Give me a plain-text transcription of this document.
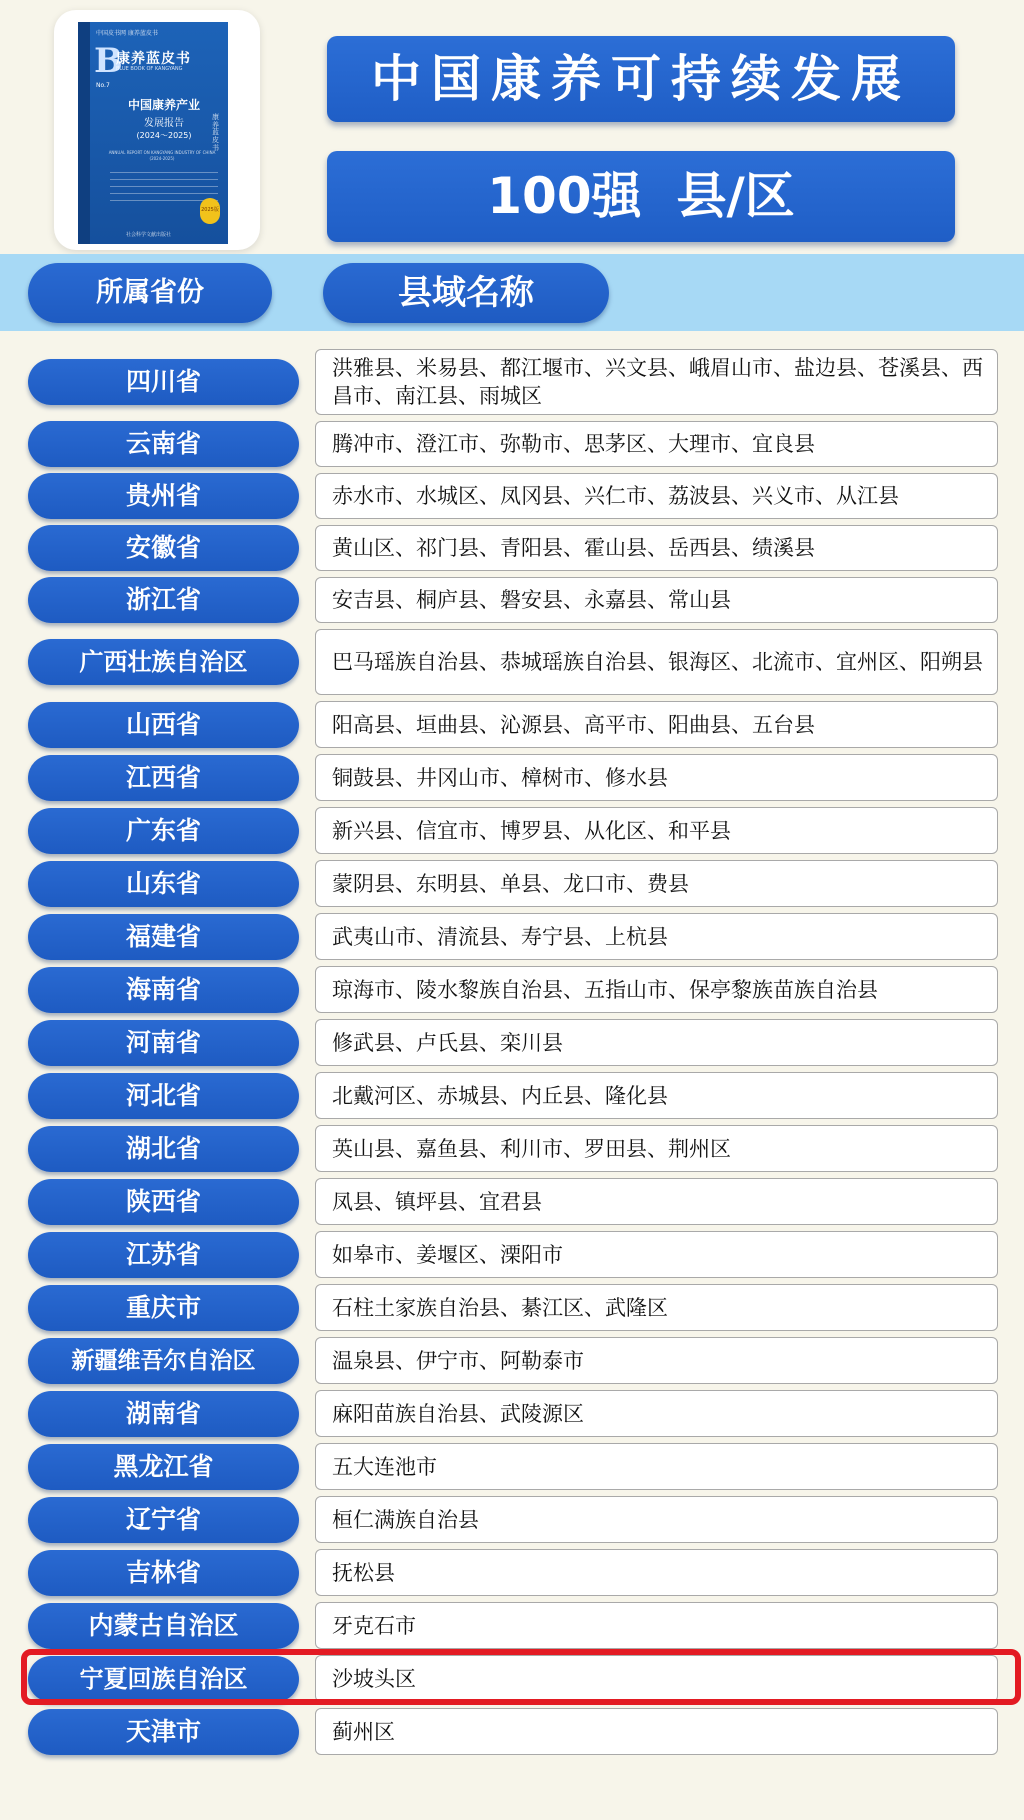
中国皮书网 康养蓝皮书
B
康养蓝皮书
BLUE BOOK OF KANGYANG
No.7
中国康养产业
发展报告
(2024～2025)
ANNUAL REPORT ON KANGYANG INDUSTRY OF CHINA (2024-2025)
康养蓝皮书
2025版
社会科学文献出版社
中国康养可持续发展
100强  县/区
所属省份	县域名称
四川省	洪雅县、米易县、都江堰市、兴文县、峨眉山市、盐边县、苍溪县、西昌市、南江县、雨城区
云南省	腾冲市、澄江市、弥勒市、思茅区、大理市、宜良县
贵州省	赤水市、水城区、凤冈县、兴仁市、荔波县、兴义市、从江县
安徽省	黄山区、祁门县、青阳县、霍山县、岳西县、绩溪县
浙江省	安吉县、桐庐县、磐安县、永嘉县、常山县
广西壮族自治区	巴马瑶族自治县、恭城瑶族自治县、银海区、北流市、宜州区、阳朔县
山西省	阳高县、垣曲县、沁源县、高平市、阳曲县、五台县
江西省	铜鼓县、井冈山市、樟树市、修水县
广东省	新兴县、信宜市、博罗县、从化区、和平县
山东省	蒙阴县、东明县、单县、龙口市、费县
福建省	武夷山市、清流县、寿宁县、上杭县
海南省	琼海市、陵水黎族自治县、五指山市、保亭黎族苗族自治县
河南省	修武县、卢氏县、栾川县
河北省	北戴河区、赤城县、内丘县、隆化县
湖北省	英山县、嘉鱼县、利川市、罗田县、荆州区
陕西省	凤县、镇坪县、宜君县
江苏省	如皋市、姜堰区、溧阳市
重庆市	石柱土家族自治县、綦江区、武隆区
新疆维吾尔自治区	温泉县、伊宁市、阿勒泰市
湖南省	麻阳苗族自治县、武陵源区
黑龙江省	五大连池市
辽宁省	桓仁满族自治县
吉林省	抚松县
内蒙古自治区	牙克石市
宁夏回族自治区	沙坡头区
天津市	蓟州区
